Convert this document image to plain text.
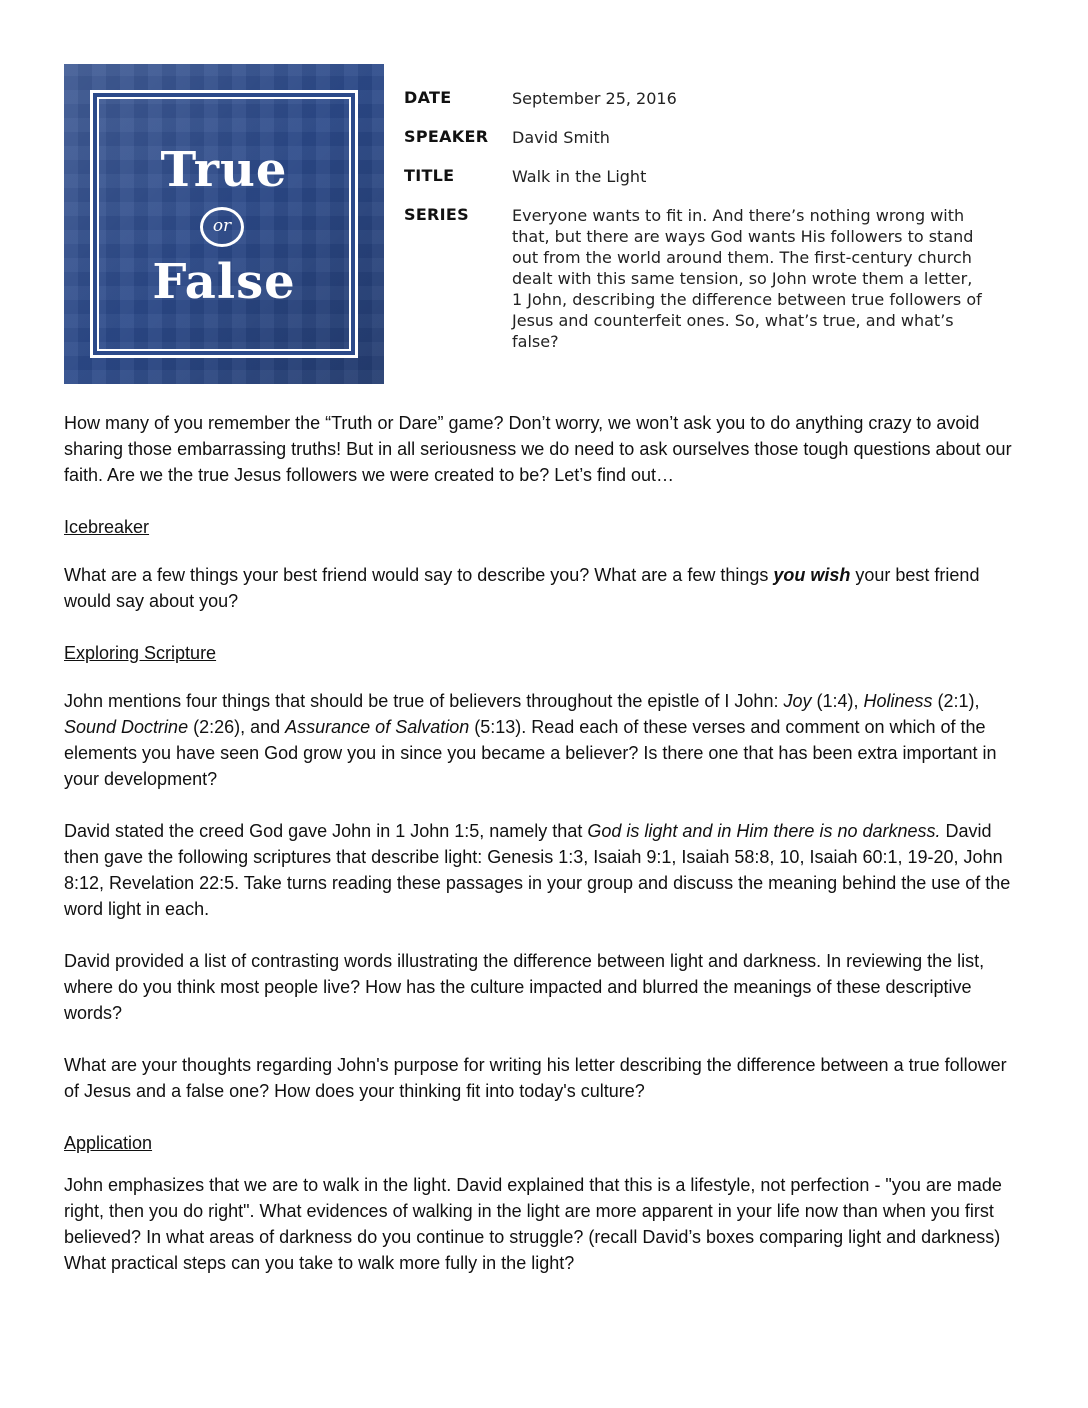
True
or
False
DATE	September 25, 2016
SPEAKER	David Smith
TITLE	Walk in the Light
SERIES	Everyone wants to fit in. And there’s nothing wrong with that, but there are ways God wants His followers to stand out from the world around them. The first-century church dealt with this same tension, so John wrote them a letter, 1 John, describing the difference between true followers of Jesus and counterfeit ones. So, what’s true, and what’s false?

How many of you remember the “Truth or Dare” game? Don’t worry, we won’t ask you to do anything crazy to avoid sharing those embarrassing truths! But in all seriousness we do need to ask ourselves those tough questions about our faith. Are we the true Jesus followers we were created to be? Let’s find out…

Icebreaker

What are a few things your best friend would say to describe you? What are a few things you wish your best friend would say about you?

Exploring Scripture

John mentions four things that should be true of believers throughout the epistle of I John: Joy (1:4), Holiness (2:1), Sound Doctrine (2:26), and Assurance of Salvation (5:13). Read each of these verses and comment on which of the elements you have seen God grow you in since you became a believer? Is there one that has been extra important in your development?

David stated the creed God gave John in 1 John 1:5, namely that God is light and in Him there is no darkness. David then gave the following scriptures that describe light: Genesis 1:3, Isaiah 9:1, Isaiah 58:8, 10, Isaiah 60:1, 19-20, John 8:12, Revelation 22:5. Take turns reading these passages in your group and discuss the meaning behind the use of the word light in each.

David provided a list of contrasting words illustrating the difference between light and darkness. In reviewing the list, where do you think most people live? How has the culture impacted and blurred the meanings of these descriptive words?

What are your thoughts regarding John's purpose for writing his letter describing the difference between a true follower of Jesus and a false one? How does your thinking fit into today's culture?

Application

John emphasizes that we are to walk in the light. David explained that this is a lifestyle, not perfection - "you are made right, then you do right". What evidences of walking in the light are more apparent in your life now than when you first believed? In what areas of darkness do you continue to struggle? (recall David’s boxes comparing light and darkness) What practical steps can you take to walk more fully in the light?
